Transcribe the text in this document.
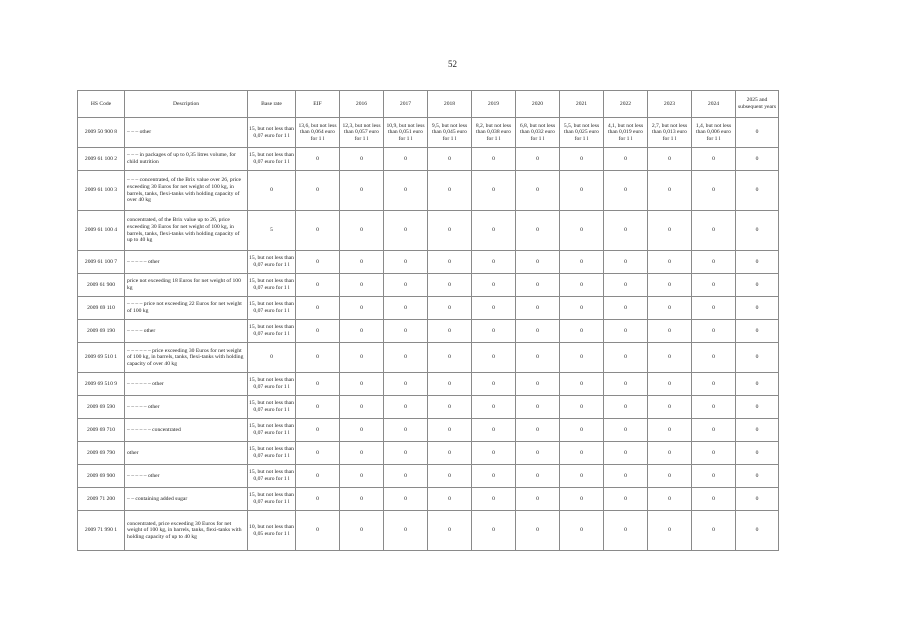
52
HS Code	Description	Base rate	EIF	2016	2017	2018	2019	2020	2021	2022	2023	2024	2025 and subsequent years
2009 50 900 8	– – – other	15, but not less than 0,07 euro for 1 l	13,6, but not less than 0,064 euro for 1 l	12,3, but not less than 0,057 euro for 1 l	10,9, but not less than 0,051 euro for 1 l	9,5, but not less than 0,045 euro for 1 l	8,2, but not less than 0,038 euro for 1 l	6,8, but not less than 0,032 euro for 1 l	5,5, but not less than 0,025 euro for 1 l	4,1, but not less than 0,019 euro for 1 l	2,7, but not less than 0,013 euro for 1 l	1,4, but not less than 0,006 euro for 1 l	0
2009 61 100 2	– – – in packages of up to 0,35 litres volume, for child nutrition	15, but not less than 0,07 euro for 1 l	0	0	0	0	0	0	0	0	0	0	0
2009 61 100 3	– – – concentrated, of the Brix value over 26, price exceeding 30 Euros for net weight of 100 kg, in barrels, tanks, flexi-tanks with holding capacity of over 40 kg	0	0	0	0	0	0	0	0	0	0	0	0
2009 61 100 4	concentrated, of the Brix value up to 26, price exceeding 30 Euros for net weight of 100 kg, in barrels, tanks, flexi-tanks with holding capacity of up to 40 kg	5	0	0	0	0	0	0	0	0	0	0	0
2009 61 100 7	– – – – – other	15, but not less than 0,07 euro for 1 l	0	0	0	0	0	0	0	0	0	0	0
2009 61 900	price not exceeding 18 Euros for net weight of 100 kg	15, but not less than 0,07 euro for 1 l	0	0	0	0	0	0	0	0	0	0	0
2009 69 110	– – – – price not exceeding 22 Euros for net weight of 100 kg	15, but not less than 0,07 euro for 1 l	0	0	0	0	0	0	0	0	0	0	0
2009 69 190	– – – – other	15, but not less than 0,07 euro for 1 l	0	0	0	0	0	0	0	0	0	0	0
2009 69 510 1	– – – – – – price exceeding 30 Euros for net weight of 100 kg, in barrels, tanks, flexi-tanks with holding capacity of over 40 kg	0	0	0	0	0	0	0	0	0	0	0	0
2009 69 510 9	– – – – – – other	15, but not less than 0,07 euro for 1 l	0	0	0	0	0	0	0	0	0	0	0
2009 69 590	– – – – – other	15, but not less than 0,07 euro for 1 l	0	0	0	0	0	0	0	0	0	0	0
2009 69 710	– – – – – – concentrated	15, but not less than 0,07 euro for 1 l	0	0	0	0	0	0	0	0	0	0	0
2009 69 790	other	15, but not less than 0,07 euro for 1 l	0	0	0	0	0	0	0	0	0	0	0
2009 69 900	– – – – – other	15, but not less than 0,07 euro for 1 l	0	0	0	0	0	0	0	0	0	0	0
2009 71 200	– – containing added sugar	15, but not less than 0,07 euro for 1 l	0	0	0	0	0	0	0	0	0	0	0
2009 71 990 1	concentrated, price exceeding 30 Euros for net weight of 100 kg, in barrels, tanks, flexi-tanks with holding capacity of up to 40 kg	10, but not less than 0,05 euro for 1 l	0	0	0	0	0	0	0	0	0	0	0
